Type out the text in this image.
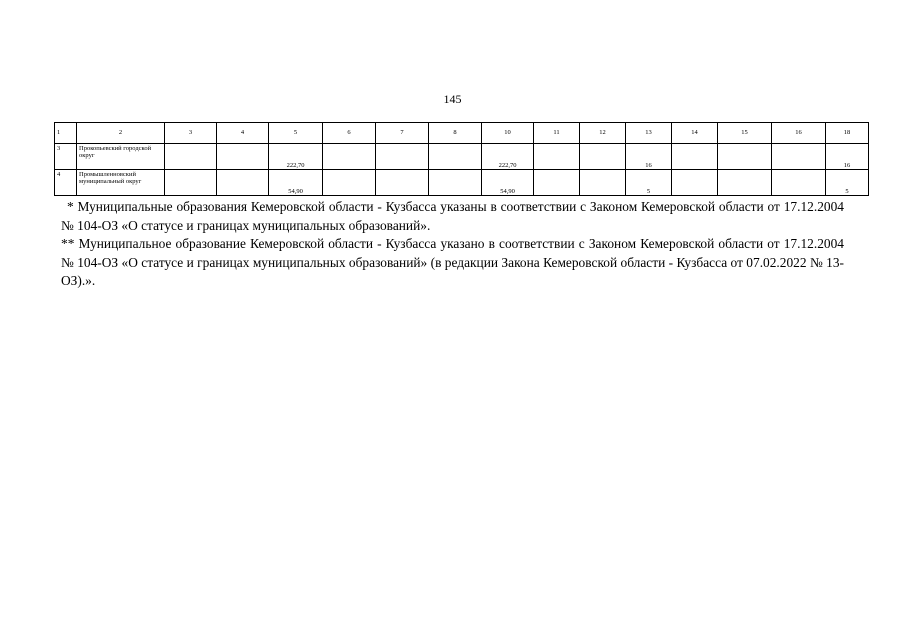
145
1	2	3	4	5	6	7	8	10	11	12	13	14	15	16	18
3	Прокопьевский городской округ			222,70				222,70			16				16
4	Промышленновский муниципальный округ			54,90				54,90			5				5

* Муниципальные образования Кемеровской области - Кузбасса указаны в соответствии с Законом Кемеровской области от 17.12.2004 № 104-ОЗ «О статусе и границах муниципальных образований».

** Муниципальное образование Кемеровской области - Кузбасса указано в соответствии с Законом Кемеровской области от 17.12.2004 № 104-ОЗ «О статусе и границах муниципальных образований» (в редакции Закона Кемеровской области - Кузбасса от 07.02.2022 № 13-ОЗ).».
